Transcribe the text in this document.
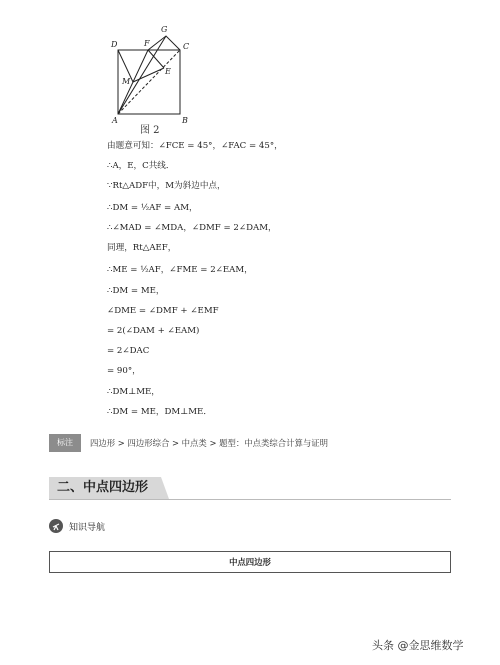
D	F
G
C
M
E
A	B
图 2
由题意可知：∠FCE = 45°，∠FAC = 45°，
∴A，E，C共线．
∵Rt△ADF中，M为斜边中点，
∴DM = ½AF = AM，
∴∠MAD = ∠MDA，∠DMF = 2∠DAM，
同理，Rt△AEF，
∴ME = ½AF，∠FME = 2∠EAM，
∴DM = ME，
∠DME = ∠DMF + ∠EMF
= 2(∠DAM + ∠EAM)
= 2∠DAC
= 90°，
∴DM⊥ME，
∴DM = ME，DM⊥ME．
标注	四边形 > 四边形综合 > 中点类 > 题型：中点类综合计算与证明
二、中点四边形
知识导航
中点四边形
头条 @金思维数学
